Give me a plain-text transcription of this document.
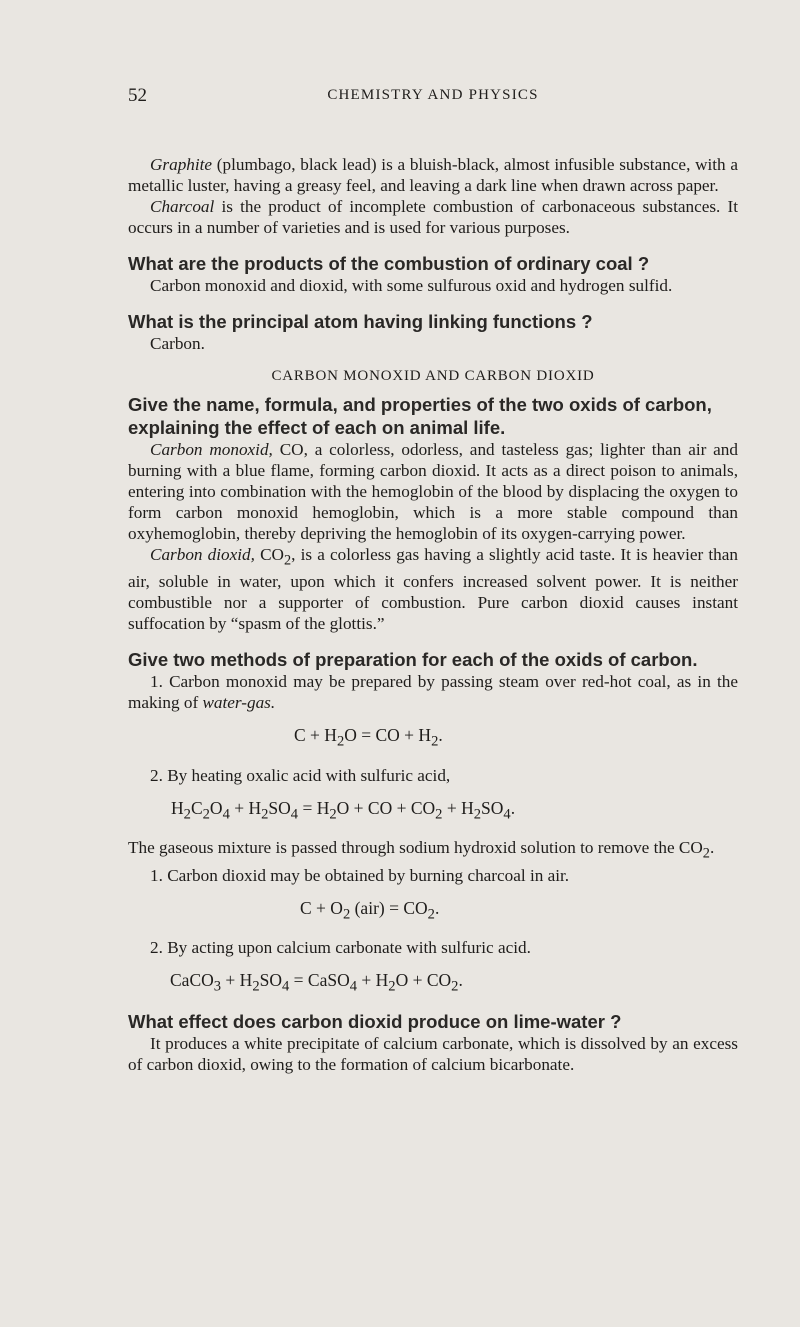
52	CHEMISTRY AND PHYSICS

Graphite (plumbago, black lead) is a bluish-black, almost infusible substance, with a metallic luster, having a greasy feel, and leaving a dark line when drawn across paper.

Charcoal is the product of incomplete combustion of carbonaceous substances. It occurs in a number of varieties and is used for various purposes.

What are the products of the combustion of ordinary coal ?

Carbon monoxid and dioxid, with some sulfurous oxid and hydrogen sulfid.

What is the principal atom having linking functions ?

Carbon.

CARBON MONOXID AND CARBON DIOXID
Give the name, formula, and properties of the two oxids of carbon, explaining the effect of each on animal life.

Carbon monoxid, CO, a colorless, odorless, and tasteless gas; lighter than air and burning with a blue flame, forming carbon dioxid. It acts as a direct poison to animals, entering into combination with the hemoglobin of the blood by displacing the oxygen to form carbon monoxid hemoglobin, which is a more stable compound than oxyhemoglobin, thereby depriving the hemoglobin of its oxygen-carrying power.

Carbon dioxid, $CO_2$, is a colorless gas having a slightly acid taste. It is heavier than air, soluble in water, upon which it confers increased solvent power. It is neither combustible nor a supporter of combustion. Pure carbon dioxid causes instant suffocation by “spasm of the glottis.”

Give two methods of preparation for each of the oxids of carbon.

1. Carbon monoxid may be prepared by passing steam over red-hot coal, as in the making of water-gas.

$C + H_2O$ = CO + $H_2$.

2. By heating oxalic acid with sulfuric acid,

$H_2C_2O_4 + H_2SO_4 = H_2O$ + CO + $CO_2 + H_2SO_4$.

The gaseous mixture is passed through sodium hydroxid solution to remove the $CO_2$.

1. Carbon dioxid may be obtained by burning charcoal in air.

$C + O_2$ $(air) = CO_2$.

2. By acting upon calcium carbonate with sulfuric acid.

CaCO$_3$ + $H_2SO_4$ = CaSO$_4$ + $H_2O + CO_2$.
What effect does carbon dioxid produce on lime-water ?

It produces a white precipitate of calcium carbonate, which is dissolved by an excess of carbon dioxid, owing to the formation of calcium bicarbonate.
